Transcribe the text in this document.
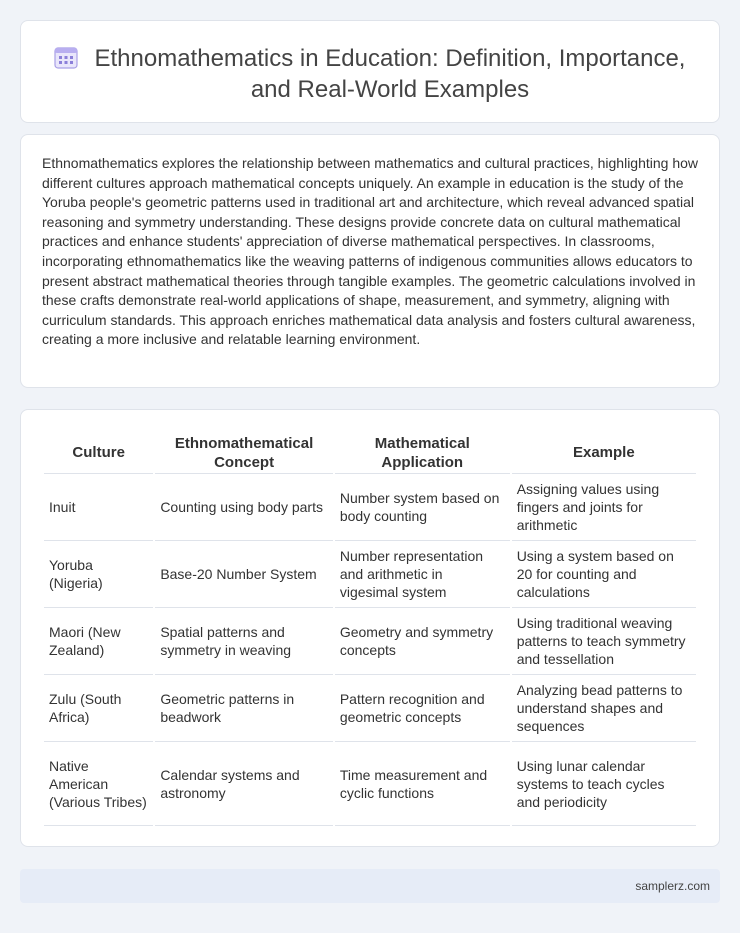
Ethnomathematics in Education: Definition, Importance, and Real-World Examples

Ethnomathematics explores the relationship between mathematics and cultural practices, highlighting how different cultures approach mathematical concepts uniquely. An example in education is the study of the Yoruba people's geometric patterns used in traditional art and architecture, which reveal advanced spatial reasoning and symmetry understanding. These designs provide concrete data on cultural mathematical practices and enhance students' appreciation of diverse mathematical perspectives. In classrooms, incorporating ethnomathematics like the weaving patterns of indigenous communities allows educators to present abstract mathematical theories through tangible examples. The geometric calculations involved in these crafts demonstrate real-world applications of shape, measurement, and symmetry, aligning with curriculum standards. This approach enriches mathematical data analysis and fosters cultural awareness, creating a more inclusive and relatable learning environment.

Culture	Ethnomathematical Concept	Mathematical Application	Example
Inuit	Counting using body parts	Number system based on body counting	Assigning values using fingers and joints for arithmetic
Yoruba (Nigeria)	Base-20 Number System	Number representation and arithmetic in vigesimal system	Using a system based on 20 for counting and calculations
Maori (New Zealand)	Spatial patterns and symmetry in weaving	Geometry and symmetry concepts	Using traditional weaving patterns to teach symmetry and tessellation
Zulu (South Africa)	Geometric patterns in beadwork	Pattern recognition and geometric concepts	Analyzing bead patterns to understand shapes and sequences
Native American (Various Tribes)	Calendar systems and astronomy	Time measurement and cyclic functions	Using lunar calendar systems to teach cycles and periodicity
samplerz.com
